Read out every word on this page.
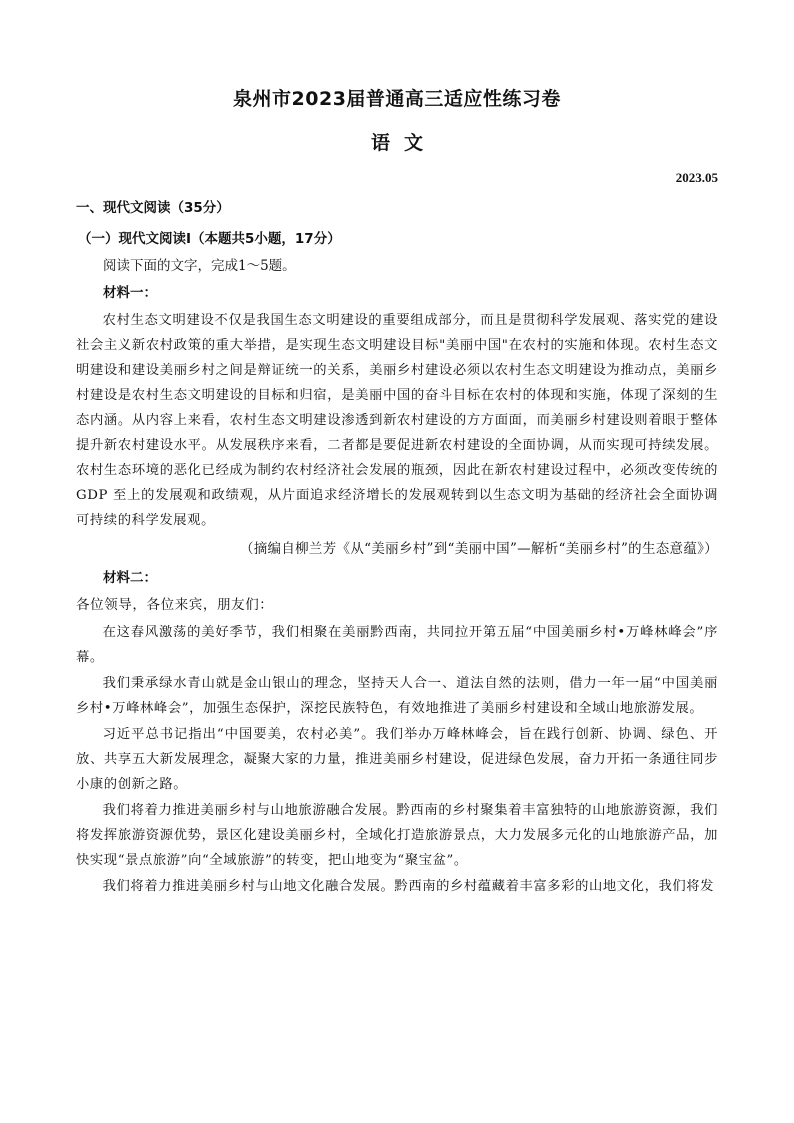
泉州市2023届普通高三适应性练习卷
语文
2023.05

一、现代文阅读（35分）

（一）现代文阅读Ⅰ（本题共5小题，17分）

阅读下面的文字，完成1～5题。

材料一：

农村生态文明建设不仅是我国生态文明建设的重要组成部分，而且是贯彻科学发展观、落实党的建设社会主义新农村政策的重大举措，是实现生态文明建设目标"美丽中国"在农村的实施和体现。农村生态文明建设和建设美丽乡村之间是辩证统一的关系，美丽乡村建设必须以农村生态文明建设为推动点，美丽乡村建设是农村生态文明建设的目标和归宿，是美丽中国的奋斗目标在农村的体现和实施，体现了深刻的生态内涵。从内容上来看，农村生态文明建设渗透到新农村建设的方方面面，而美丽乡村建设则着眼于整体提升新农村建设水平。从发展秩序来看，二者都是要促进新农村建设的全面协调，从而实现可持续发展。农村生态环境的恶化已经成为制约农村经济社会发展的瓶颈，因此在新农村建设过程中，必须改变传统的GDP 至上的发展观和政绩观，从片面追求经济增长的发展观转到以生态文明为基础的经济社会全面协调可持续的科学发展观。

（摘编自柳兰芳《从“美丽乡村”到“美丽中国”—解析“美丽乡村”的生态意蕴》）

材料二：

各位领导，各位来宾，朋友们：

在这春风激荡的美好季节，我们相聚在美丽黔西南，共同拉开第五届“中国美丽乡村•万峰林峰会”序幕。

我们秉承绿水青山就是金山银山的理念，坚持天人合一、道法自然的法则，借力一年一届“中国美丽乡村•万峰林峰会”，加强生态保护，深挖民族特色，有效地推进了美丽乡村建设和全域山地旅游发展。

习近平总书记指出“中国要美，农村必美”。我们举办万峰林峰会，旨在践行创新、协调、绿色、开放、共享五大新发展理念，凝聚大家的力量，推进美丽乡村建设，促进绿色发展，奋力开拓一条通往同步小康的创新之路。

我们将着力推进美丽乡村与山地旅游融合发展。黔西南的乡村聚集着丰富独特的山地旅游资源，我们将发挥旅游资源优势，景区化建设美丽乡村，全域化打造旅游景点，大力发展多元化的山地旅游产品，加快实现“景点旅游”向“全域旅游”的转变，把山地变为“聚宝盆”。

我们将着力推进美丽乡村与山地文化融合发展。黔西南的乡村蕴藏着丰富多彩的山地文化，我们将发
